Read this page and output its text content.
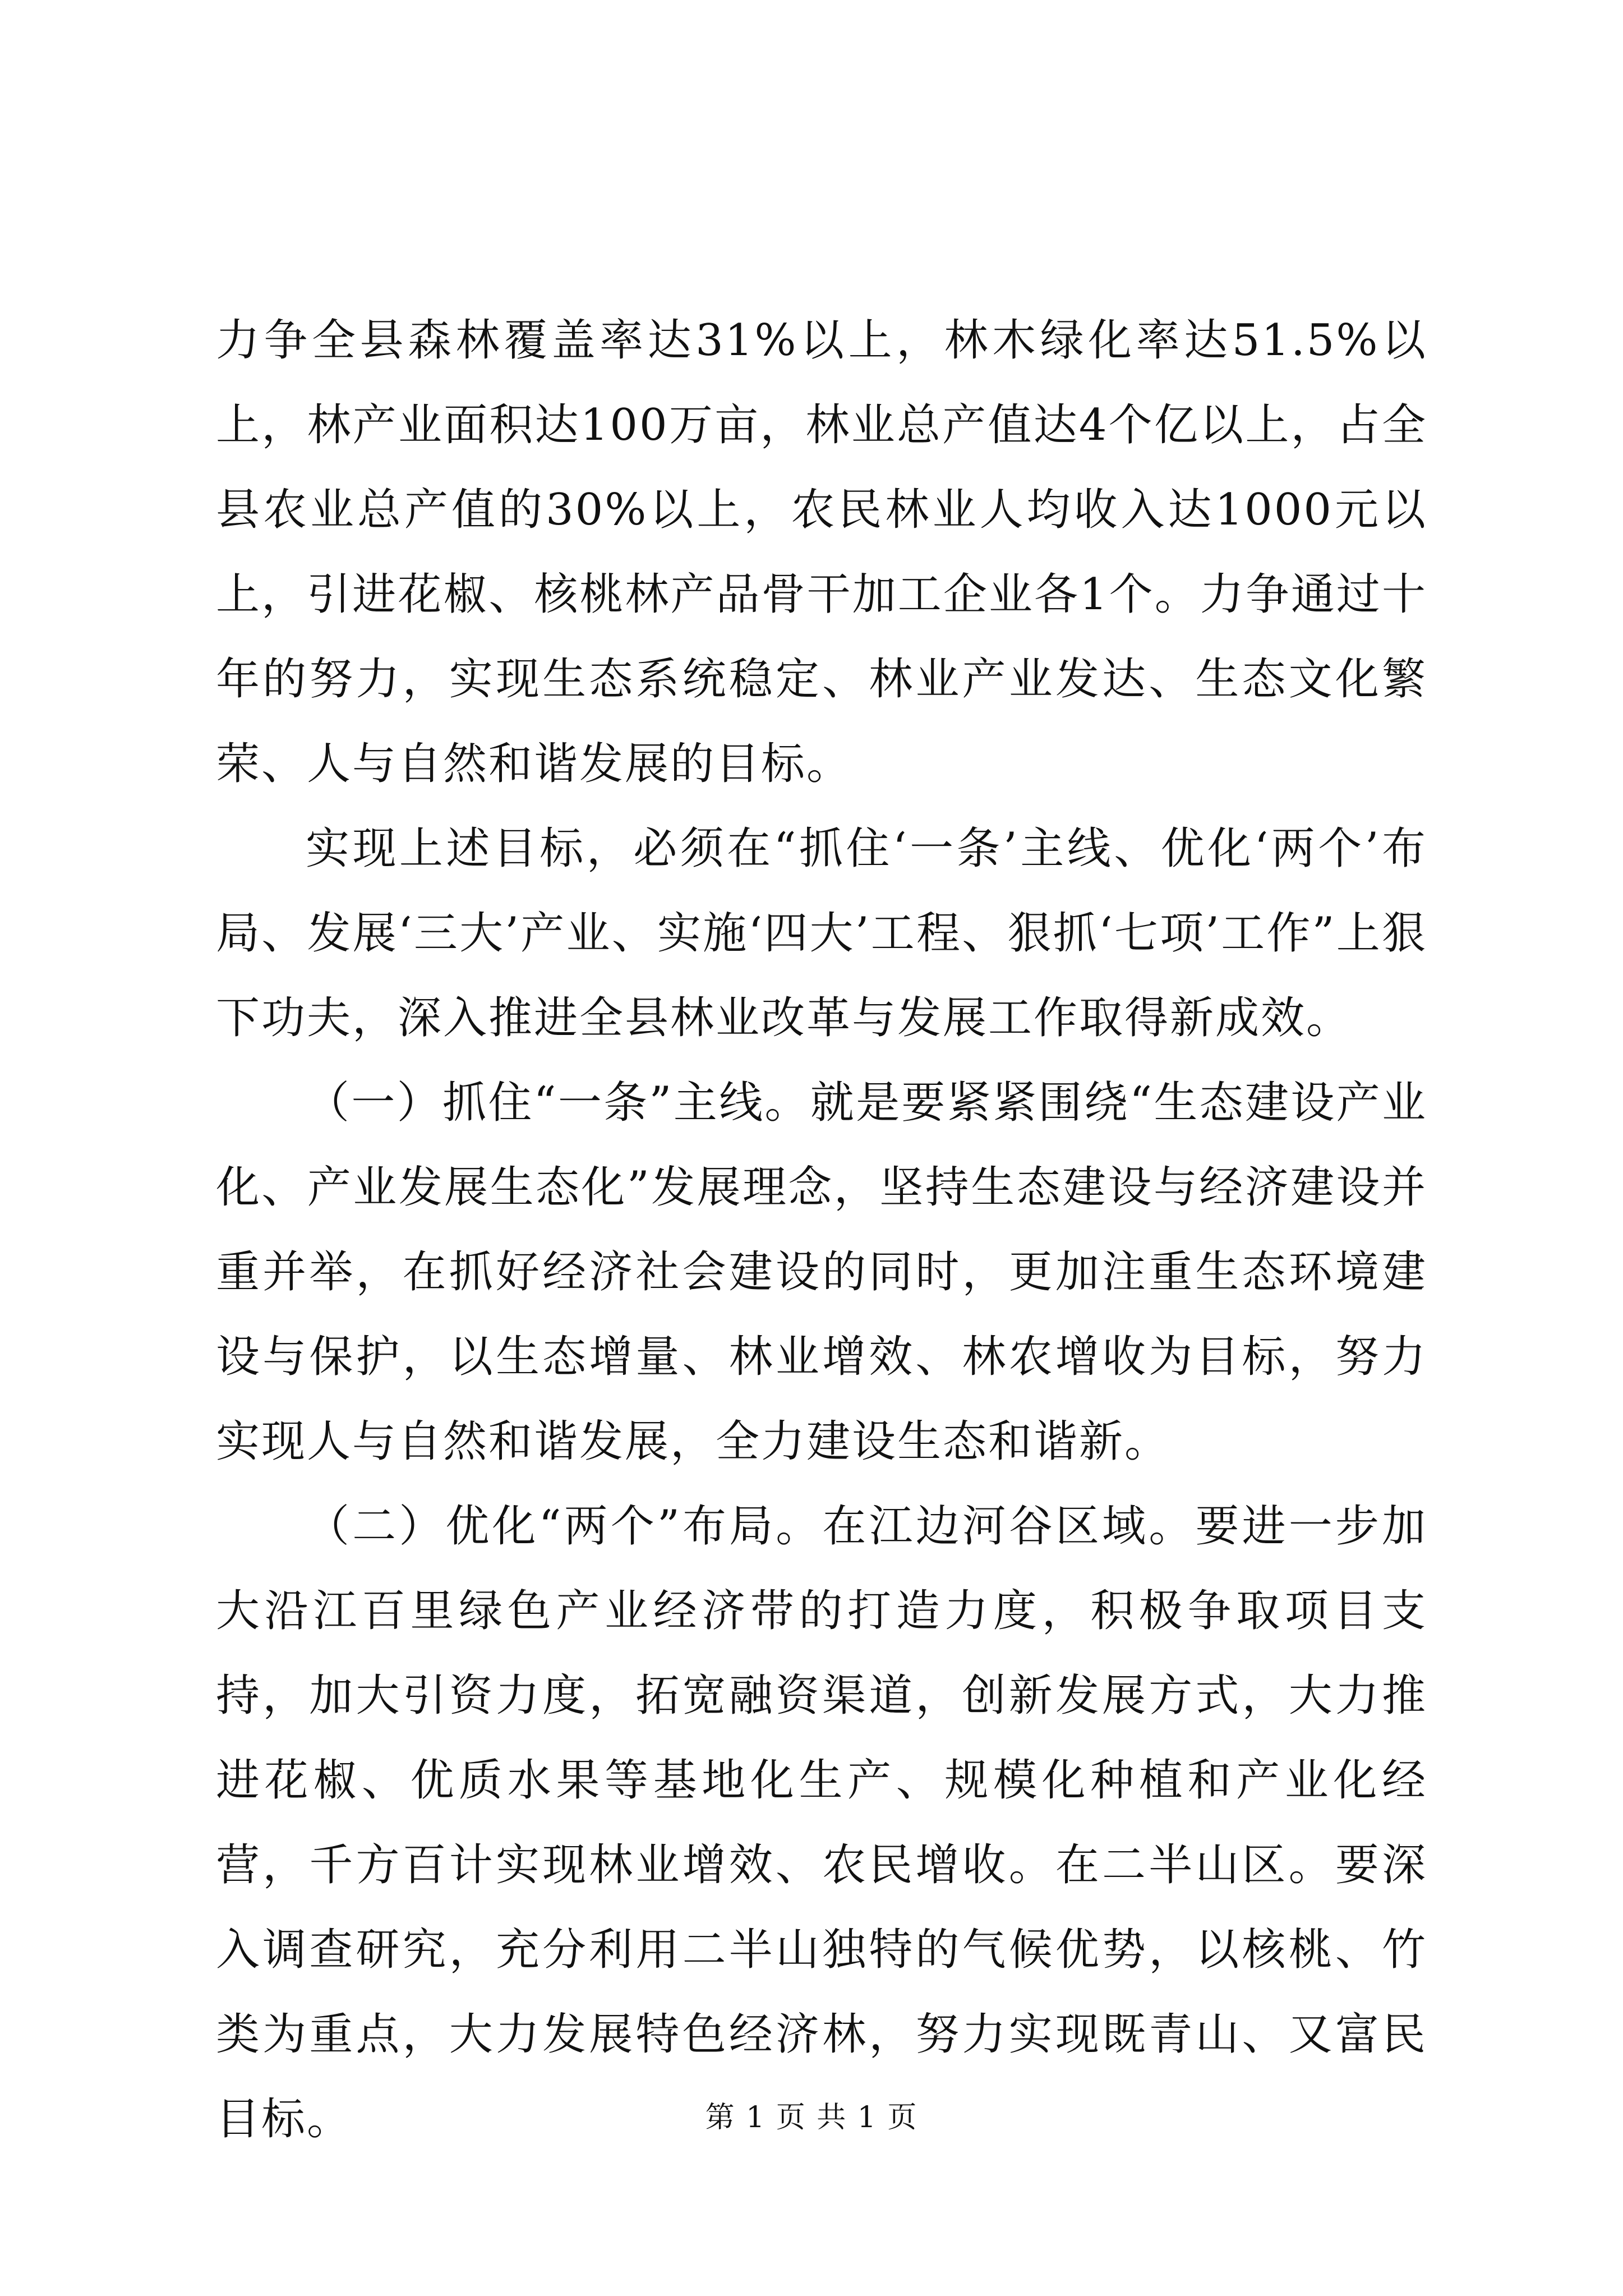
力争全县森林覆盖率达31%以上，林木绿化率达51.5%以上，林产业面积达100万亩，林业总产值达4个亿以上，占全县农业总产值的30%以上，农民林业人均收入达1000元以上，引进花椒、核桃林产品骨干加工企业各1个。力争通过十年的努力，实现生态系统稳定、林业产业发达、生态文化繁荣、人与自然和谐发展的目标。

实现上述目标，必须在“抓住‘一条’主线、优化‘两个’布局、发展‘三大’产业、实施‘四大’工程、狠抓‘七项’工作”上狠下功夫，深入推进全县林业改革与发展工作取得新成效。

（一）抓住“一条”主线。就是要紧紧围绕“生态建设产业化、产业发展生态化”发展理念，坚持生态建设与经济建设并重并举，在抓好经济社会建设的同时，更加注重生态环境建设与保护，以生态增量、林业增效、林农增收为目标，努力实现人与自然和谐发展，全力建设生态和谐新。

（二）优化“两个”布局。在江边河谷区域。要进一步加大沿江百里绿色产业经济带的打造力度，积极争取项目支持，加大引资力度，拓宽融资渠道，创新发展方式，大力推进花椒、优质水果等基地化生产、规模化种植和产业化经营，千方百计实现林业增效、农民增收。在二半山区。要深入调查研究，充分利用二半山独特的气候优势，以核桃、竹类为重点，大力发展特色经济林，努力实现既青山、又富民目标。	第 1 页 共 1 页
